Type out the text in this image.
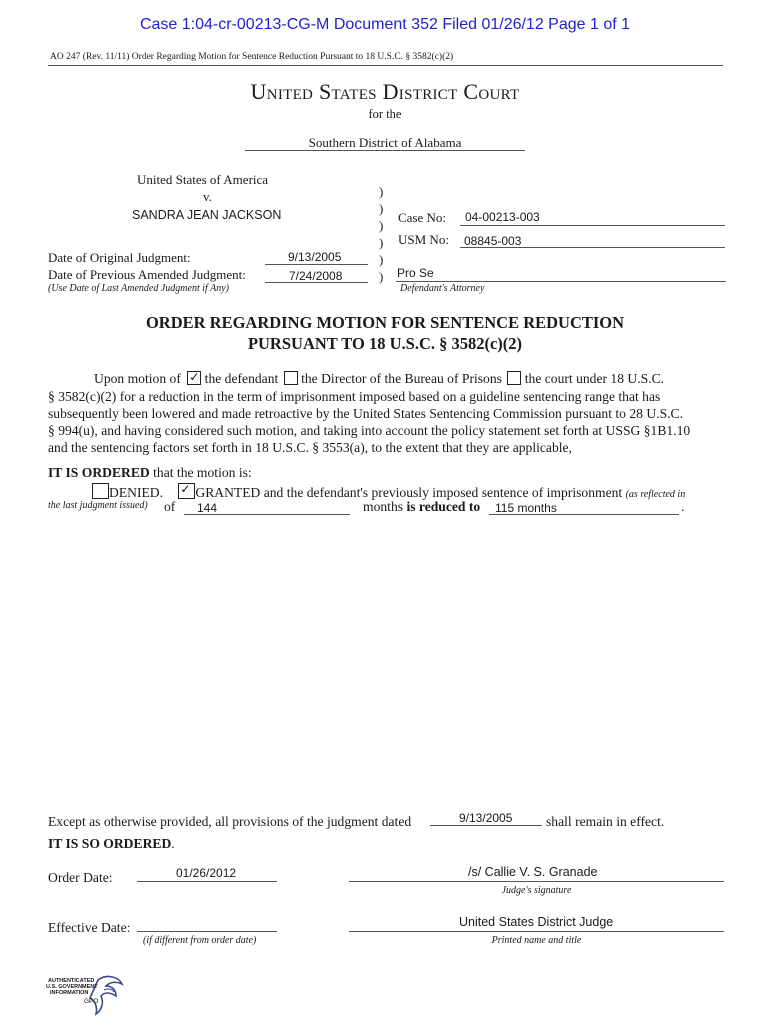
Case 1:04-cr-00213-CG-M Document 352 Filed 01/26/12 Page 1 of 1
AO 247 (Rev. 11/11) Order Regarding Motion for Sentence Reduction Pursuant to 18 U.S.C. § 3582(c)(2)
United States District Court
for the
Southern District of Alabama
United States of America
v.
SANDRA JEAN JACKSON
)
)
)
)
)
)
Case No: 04-00213-003
USM No: 08845-003
Date of Original Judgment:	9/13/2005
Date of Previous Amended Judgment:	7/24/2008
(Use Date of Last Amended Judgment if Any)
Pro Se
Defendant's Attorney
ORDER REGARDING MOTION FOR SENTENCE REDUCTION
PURSUANT TO 18 U.S.C. § 3582(c)(2)
Upon motion of ✓ the defendant the Director of the Bureau of Prisons the court under 18 U.S.C.
§ 3582(c)(2) for a reduction in the term of imprisonment imposed based on a guideline sentencing range that has
subsequently been lowered and made retroactive by the United States Sentencing Commission pursuant to 28 U.S.C.
§ 994(u), and having considered such motion, and taking into account the policy statement set forth at USSG §1B1.10
and the sentencing factors set forth in 18 U.S.C. § 3553(a), to the extent that they are applicable,
IT IS ORDERED that the motion is:
DENIED. ✓ GRANTED and the defendant's previously imposed sentence of imprisonment (as reflected in
the last judgment issued) of 144	months is reduced to 115 months	.
Except as otherwise provided, all provisions of the judgment dated	9/13/2005 shall remain in effect.
IT IS SO ORDERED.
Order Date:	01/26/2012	/s/ Callie V. S. Granade
Judge's signature
Effective Date:
(if different from order date)
United States District Judge
Printed name and title
AUTHENTICATED
U.S. GOVERNMENT
INFORMATION
GPO
